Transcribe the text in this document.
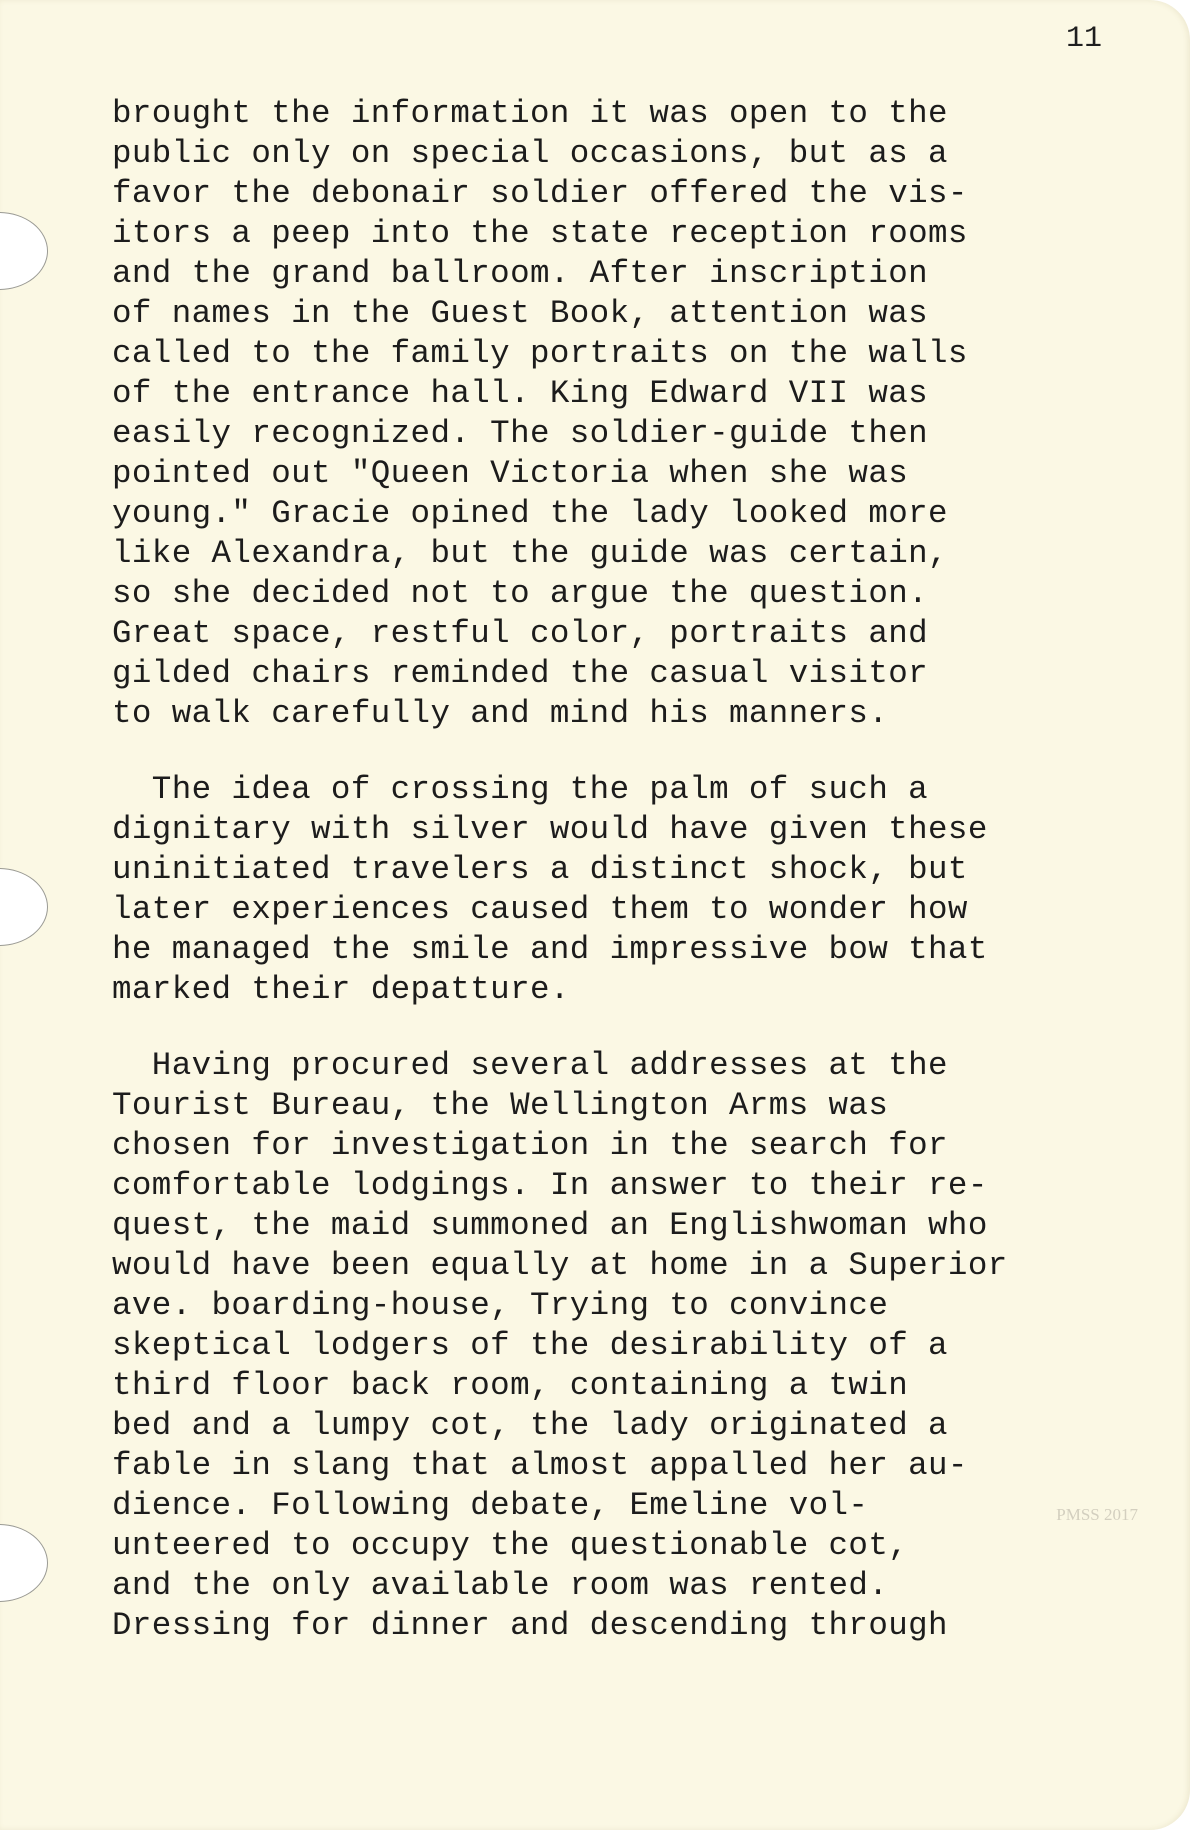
11

brought the information it was open to the
public only on special occasions, but as a
favor the debonair soldier offered the vis-
itors a peep into the state reception rooms
and the grand ballroom. After inscription
of names in the Guest Book, attention was
called to the family portraits on the walls
of the entrance hall. King Edward VII was
easily recognized. The soldier-guide then
pointed out "Queen Victoria when she was
young." Gracie opined the lady looked more
like Alexandra, but the guide was certain,
so she decided not to argue the question.
Great space, restful color, portraits and
gilded chairs reminded the casual visitor
to walk carefully and mind his manners.

The idea of crossing the palm of such a
dignitary with silver would have given these
uninitiated travelers a distinct shock, but
later experiences caused them to wonder how
he managed the smile and impressive bow that
marked their depatture.

Having procured several addresses at the
Tourist Bureau, the Wellington Arms was
chosen for investigation in the search for
comfortable lodgings. In answer to their re-
quest, the maid summoned an Englishwoman who
would have been equally at home in a Superior
ave. boarding-house, Trying to convince
skeptical lodgers of the desirability of a
third floor back room, containing a twin
bed and a lumpy cot, the lady originated a
fable in slang that almost appalled her au-
dience. Following debate, Emeline vol-
unteered to occupy the questionable cot,
and the only available room was rented.
Dressing for dinner and descending through

PMSS 2017
